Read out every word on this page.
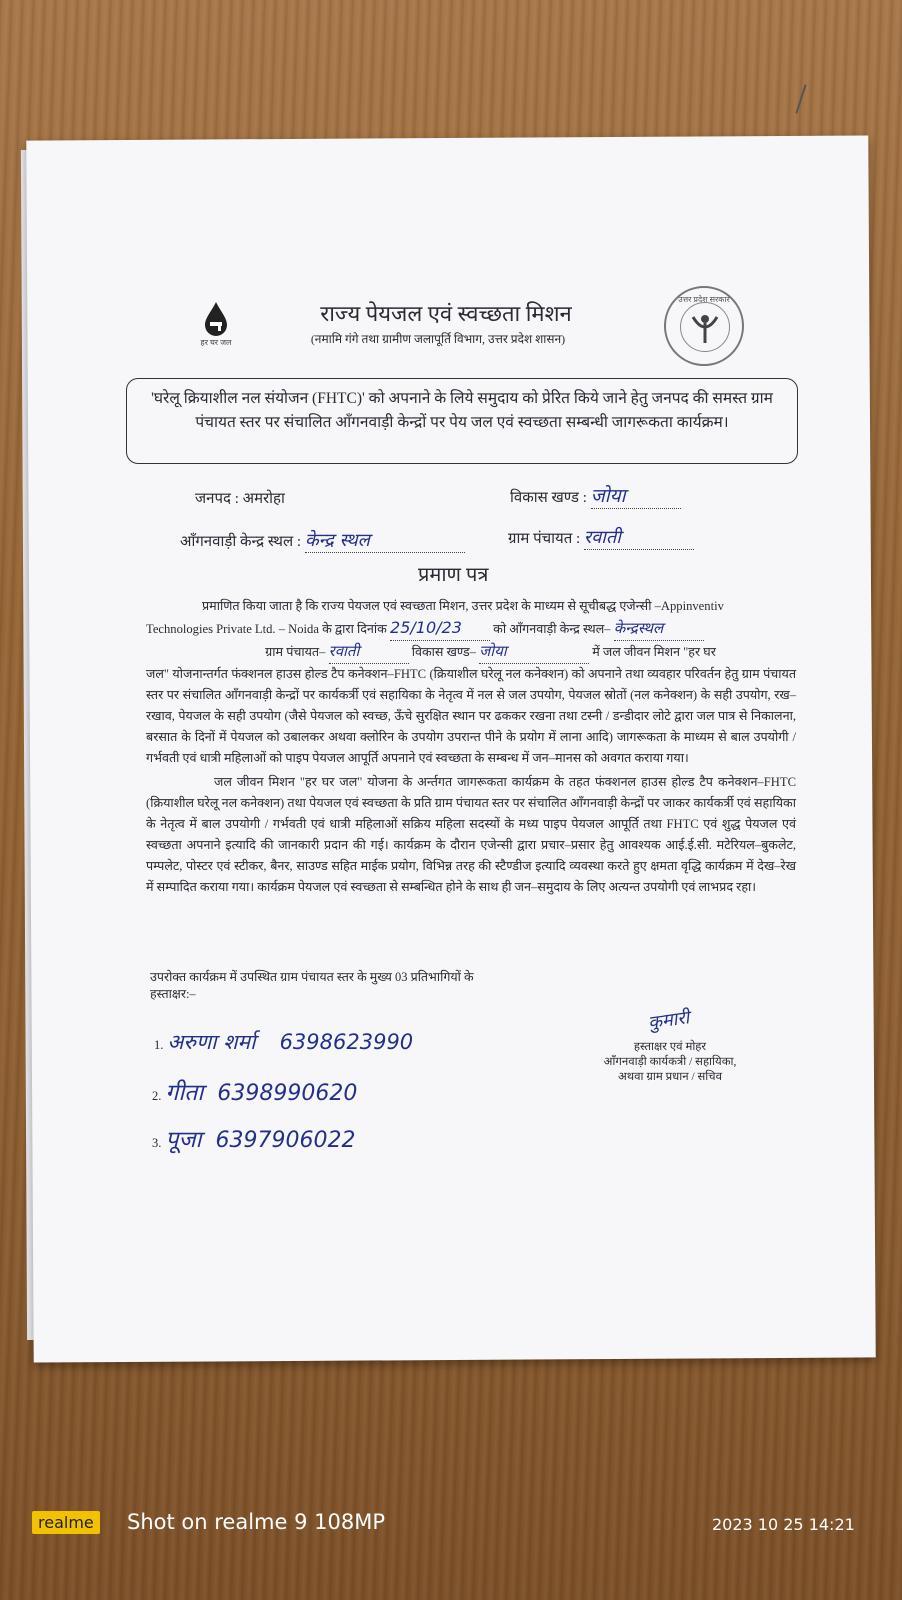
हर घर जल
राज्य पेयजल एवं स्वच्छता मिशन
(नमामि गंगे तथा ग्रामीण जलापूर्ति विभाग, उत्तर प्रदेश शासन)
उत्तर प्रदेश सरकार
'घरेलू क्रियाशील नल संयोजन (FHTC)' को अपनाने के लिये समुदाय को प्रेरित किये जाने हेतु जनपद की समस्त ग्राम पंचायत स्तर पर संचालित आँगनवाड़ी केन्द्रों पर पेय जल एवं स्वच्छता सम्बन्धी जागरूकता कार्यक्रम।
जनपद : अमरोहा	विकास खण्ड : जोया
आँगनवाड़ी केन्द्र स्थल : केन्द्र स्थल	ग्राम पंचायत : रवाती
प्रमाण पत्र
प्रमाणित किया जाता है कि राज्य पेयजल एवं स्वच्छता मिशन, उत्तर प्रदेश के माध्यम से सूचीबद्ध एजेन्सी –Appinventiv
Technologies Private Ltd. – Noida के द्वारा दिनांक 25/10/23 को आँगनवाड़ी केन्द्र स्थल– केन्द्रस्थल
ग्राम पंचायत– रवाती	विकास खण्ड– जोया	में जल जीवन मिशन "हर घर
जल" योजनान्तर्गत फंक्शनल हाउस होल्ड टैप कनेक्शन–FHTC (क्रियाशील घरेलू नल कनेक्शन) को अपनाने तथा व्यवहार परिवर्तन हेतु ग्राम पंचायत स्तर पर संचालित आँगनवाड़ी केन्द्रों पर कार्यकर्त्री एवं सहायिका के नेतृत्व में नल से जल उपयोग, पेयजल स्रोतों (नल कनेक्शन) के सही उपयोग, रख–रखाव, पेयजल के सही उपयोग (जैसे पेयजल को स्वच्छ, ऊँचे सुरक्षित स्थान पर ढककर रखना तथा टस्नी / डन्डीदार लोटे द्वारा जल पात्र से निकालना, बरसात के दिनों में पेयजल को उबालकर अथवा क्लोरिन के उपयोग उपरान्त पीने के प्रयोग में लाना आदि) जागरूकता के माध्यम से बाल उपयोगी / गर्भवती एवं धात्री महिलाओं को पाइप पेयजल आपूर्ति अपनाने एवं स्वच्छता के सम्बन्ध में जन–मानस को अवगत कराया गया।
जल जीवन मिशन "हर घर जल" योजना के अर्न्तगत जागरूकता कार्यक्रम के तहत फंक्शनल हाउस होल्ड टैप कनेक्शन–FHTC (क्रियाशील घरेलू नल कनेक्शन) तथा पेयजल एवं स्वच्छता के प्रति ग्राम पंचायत स्तर पर संचालित आँगनवाड़ी केन्द्रों पर जाकर कार्यकर्त्री एवं सहायिका के नेतृत्व में बाल उपयोगी / गर्भवती एवं धात्री महिलाओं सक्रिय महिला सदस्यों के मध्य पाइप पेयजल आपूर्ति तथा FHTC एवं शुद्ध पेयजल एवं स्वच्छता अपनाने इत्यादि की जानकारी प्रदान की गई। कार्यक्रम के दौरान एजेन्सी द्वारा प्रचार–प्रसार हेतु आवश्यक आई.ई.सी. मटेरियल–बुकलेट, पम्पलेट, पोस्टर एवं स्टीकर, बैनर, साउण्ड सहित माईक प्रयोग, विभिन्न तरह की स्टैण्डीज इत्यादि व्यवस्था करते हुए क्षमता वृद्धि कार्यक्रम में देख–रेख में सम्पादित कराया गया। कार्यक्रम पेयजल एवं स्वच्छता से सम्बन्धित होने के साथ ही जन–समुदाय के लिए अत्यन्त उपयोगी एवं लाभप्रद रहा।
उपरोक्त कार्यक्रम में उपस्थित ग्राम पंचायत स्तर के मुख्य 03 प्रतिभागियों के
हस्ताक्षर:–
1. अरुणा शर्मा 6398623990
2. गीता 6398990620
3. पूजा 6397906022
कुमारी
हस्ताक्षर एवं मोहर
आँगनवाड़ी कार्यकत्री / सहायिका,
अथवा ग्राम प्रधान / सचिव
realme Shot on realme 9 108MP	2023 10 25 14:21
